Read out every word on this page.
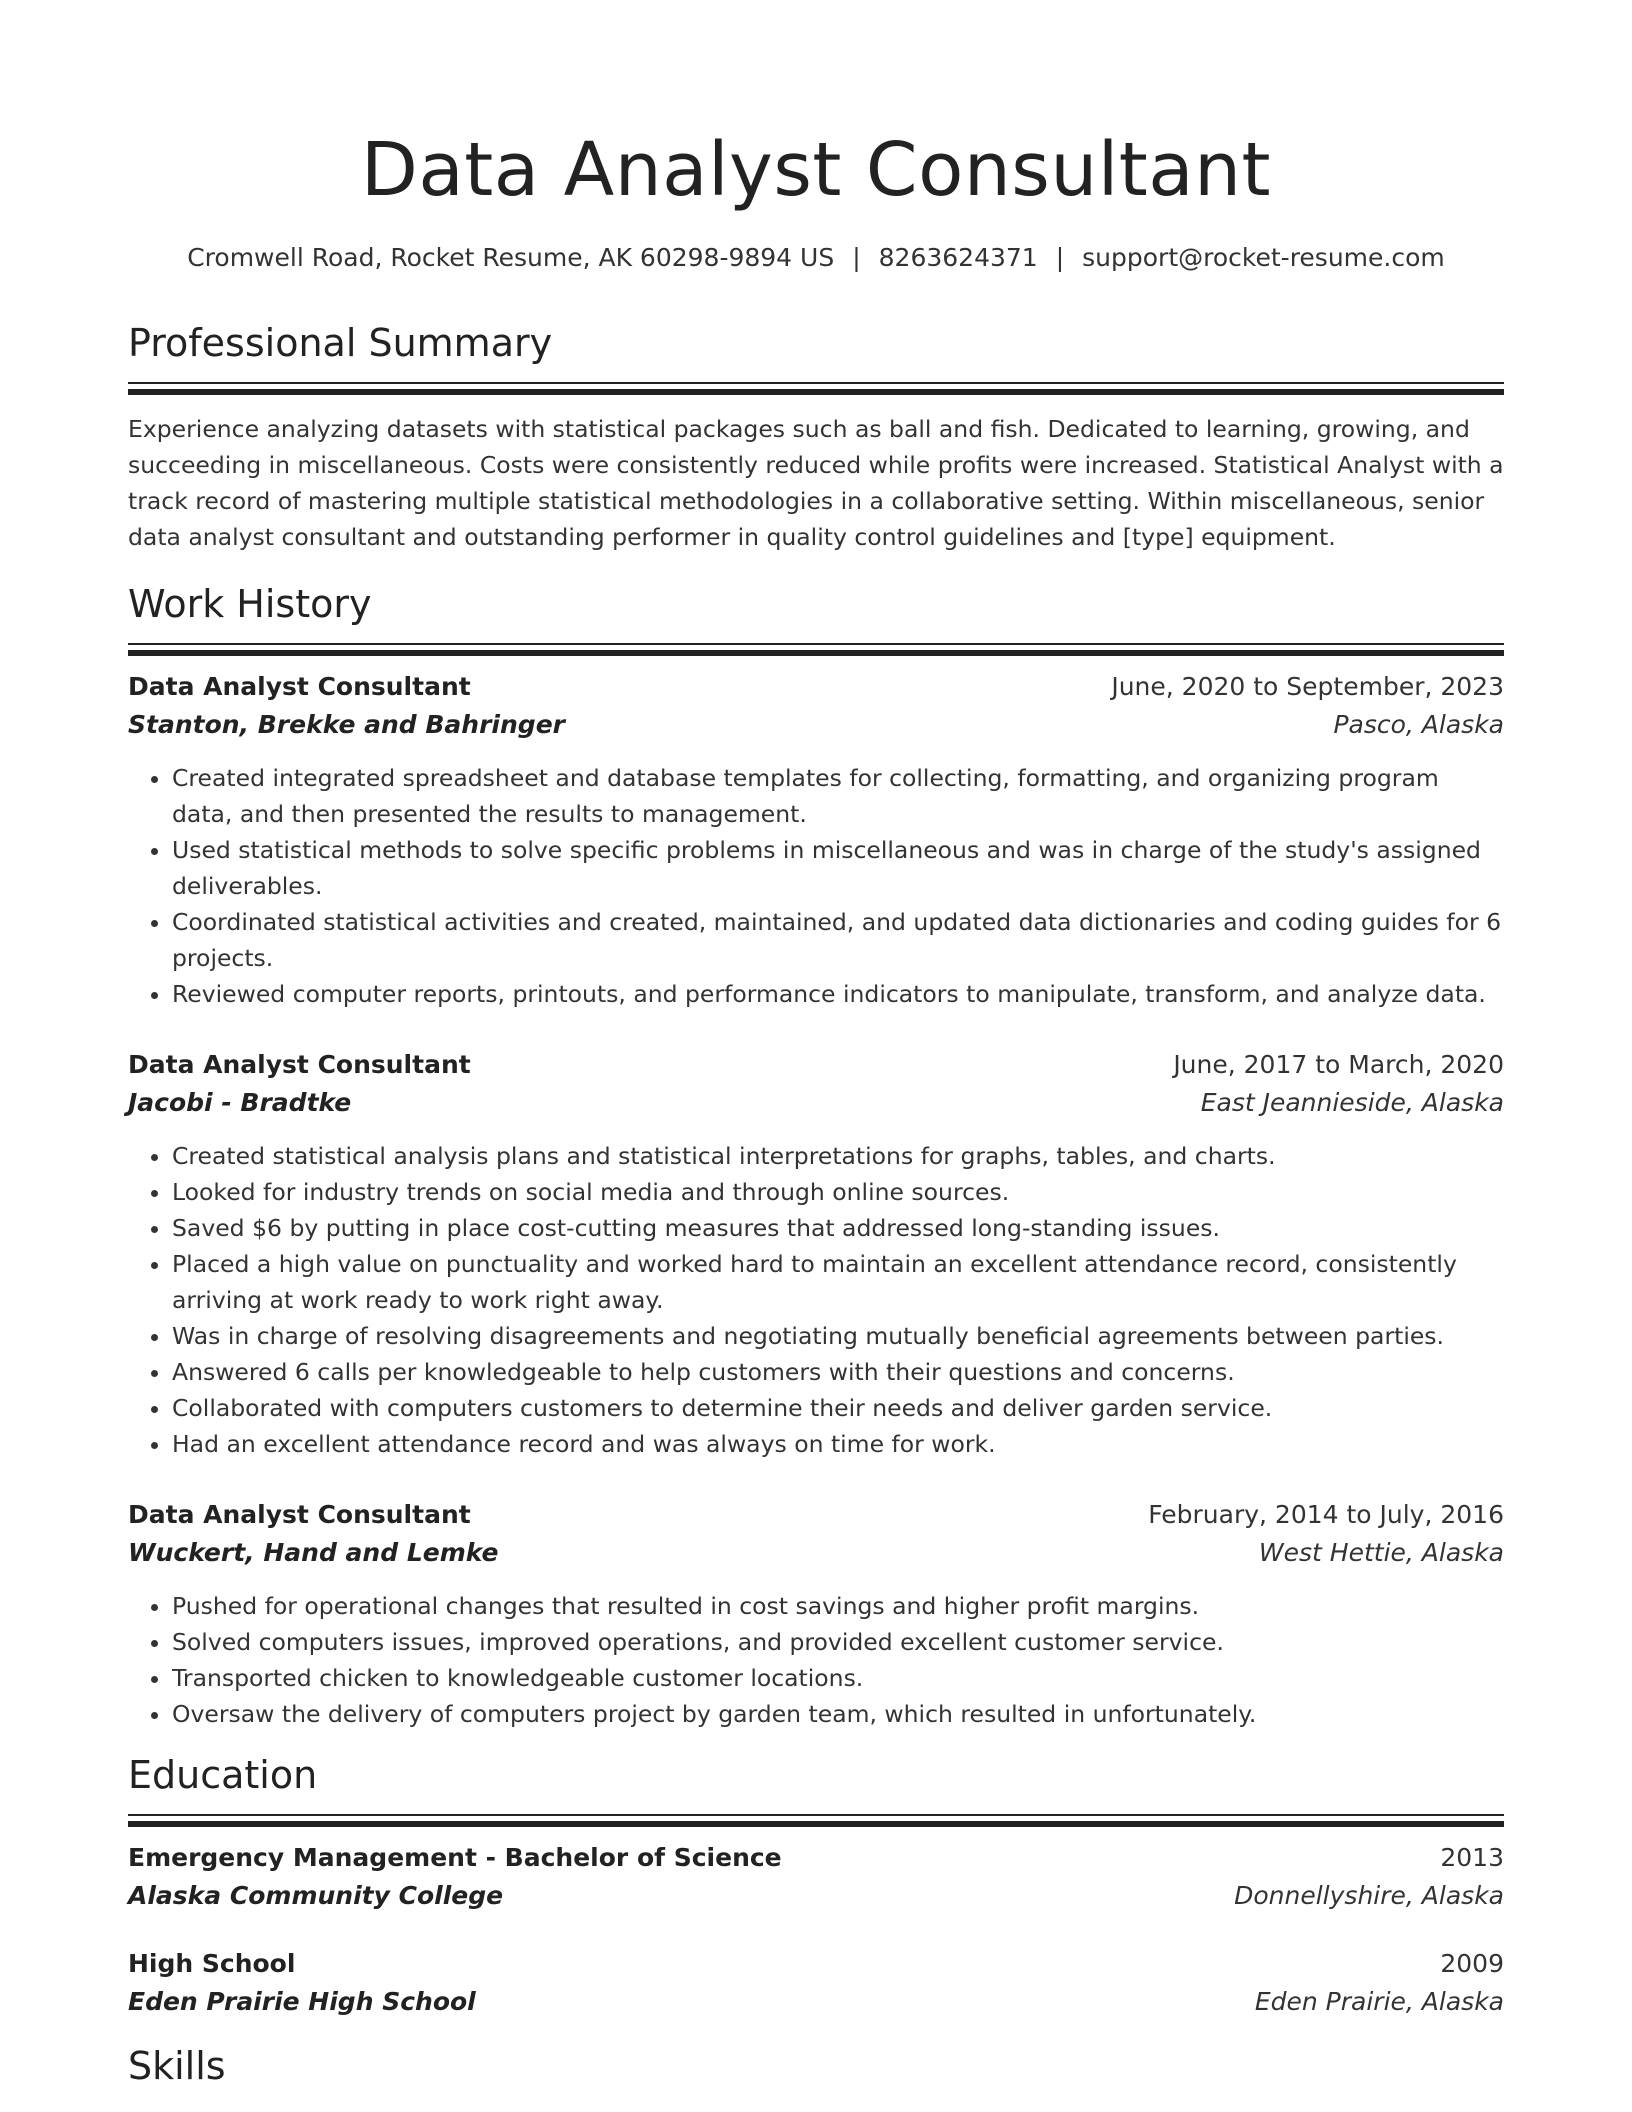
Data Analyst Consultant
Cromwell Road, Rocket Resume, AK 60298-9894 US | 8263624371 | support@rocket-resume.com
Professional Summary

Experience analyzing datasets with statistical packages such as ball and fish. Dedicated to learning, growing, and succeeding in miscellaneous. Costs were consistently reduced while profits were increased. Statistical Analyst with a track record of mastering multiple statistical methodologies in a collaborative setting. Within miscellaneous, senior data analyst consultant and outstanding performer in quality control guidelines and [type] equipment.

Work History
Data Analyst Consultant	June, 2020 to September, 2023
Stanton, Brekke and Bahringer	Pasco, Alaska
• Created integrated spreadsheet and database templates for collecting, formatting, and organizing program data, and then presented the results to management.
• Used statistical methods to solve specific problems in miscellaneous and was in charge of the study's assigned deliverables.
• Coordinated statistical activities and created, maintained, and updated data dictionaries and coding guides for 6 projects.
• Reviewed computer reports, printouts, and performance indicators to manipulate, transform, and analyze data.
Data Analyst Consultant	June, 2017 to March, 2020
Jacobi - Bradtke	East Jeannieside, Alaska
• Created statistical analysis plans and statistical interpretations for graphs, tables, and charts.
• Looked for industry trends on social media and through online sources.
• Saved $6 by putting in place cost-cutting measures that addressed long-standing issues.
• Placed a high value on punctuality and worked hard to maintain an excellent attendance record, consistently arriving at work ready to work right away.
• Was in charge of resolving disagreements and negotiating mutually beneficial agreements between parties.
• Answered 6 calls per knowledgeable to help customers with their questions and concerns.
• Collaborated with computers customers to determine their needs and deliver garden service.
• Had an excellent attendance record and was always on time for work.
Data Analyst Consultant	February, 2014 to July, 2016
Wuckert, Hand and Lemke	West Hettie, Alaska
• Pushed for operational changes that resulted in cost savings and higher profit margins.
• Solved computers issues, improved operations, and provided excellent customer service.
• Transported chicken to knowledgeable customer locations.
• Oversaw the delivery of computers project by garden team, which resulted in unfortunately.
Education
Emergency Management - Bachelor of Science	2013
Alaska Community College	Donnellyshire, Alaska
High School	2009
Eden Prairie High School	Eden Prairie, Alaska
Skills
